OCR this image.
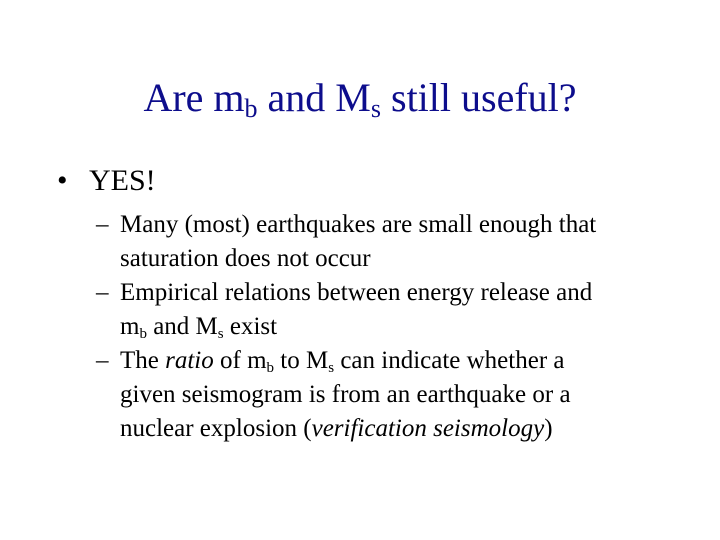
Are $m_b$ and $M_s$ still useful?
• YES!
– Many (most) earthquakes are small enough that
saturation does not occur
– Empirical relations between energy release and
$m_b$ and $M_s$ exist
– The ratio of $m_b$ to $M_s$ can indicate whether a
given seismogram is from an earthquake or a
nuclear explosion (verification seismology)
